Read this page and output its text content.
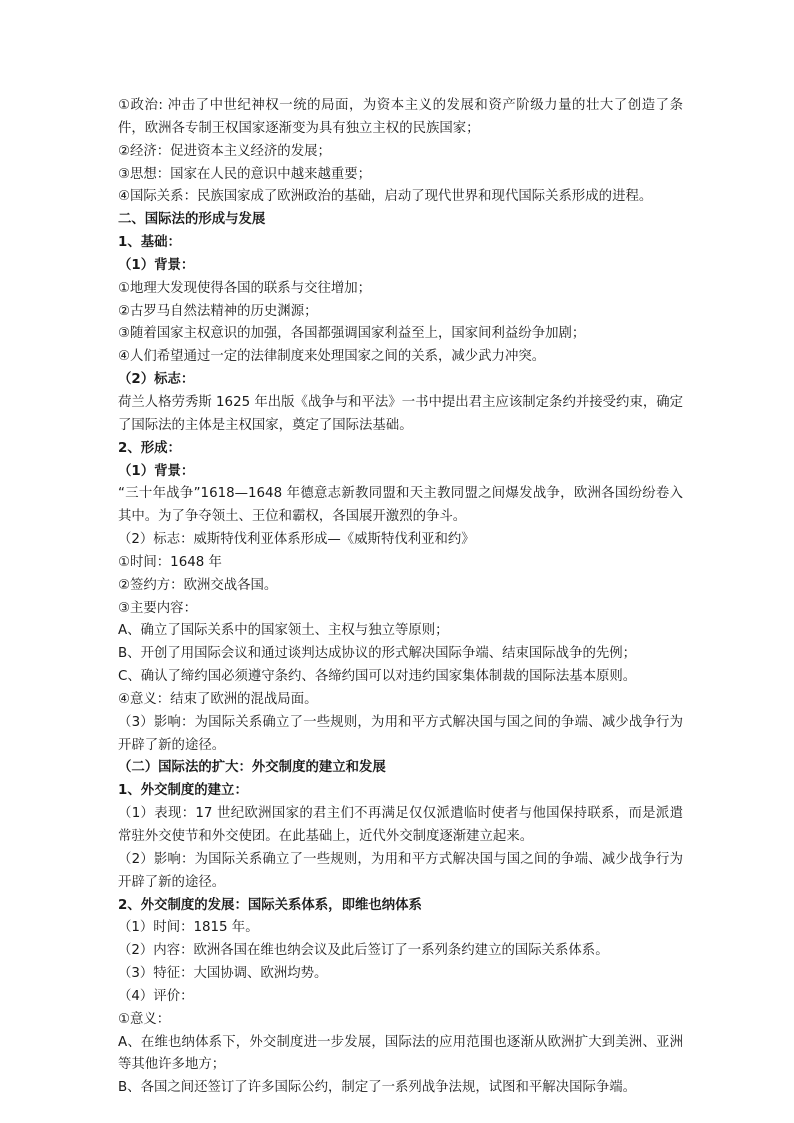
①政治: 冲击了中世纪神权一统的局面，为资本主义的发展和资产阶级力量的壮大了创造了条件，欧洲各专制王权国家逐渐变为具有独立主权的民族国家；

②经济：促进资本主义经济的发展；

③思想：国家在人民的意识中越来越重要；

④国际关系：民族国家成了欧洲政治的基础，启动了现代世界和现代国际关系形成的进程。

二、国际法的形成与发展

1、基础：

（1）背景：

①地理大发现使得各国的联系与交往增加；

②古罗马自然法精神的历史渊源；

③随着国家主权意识的加强，各国都强调国家利益至上，国家间利益纷争加剧；

④人们希望通过一定的法律制度来处理国家之间的关系，减少武力冲突。

（2）标志：

荷兰人格劳秀斯 1625 年出版《战争与和平法》一书中提出君主应该制定条约并接受约束，确定了国际法的主体是主权国家，奠定了国际法基础。

2、形成：

（1）背景：

“三十年战争”1618—1648 年德意志新教同盟和天主教同盟之间爆发战争，欧洲各国纷纷卷入其中。为了争夺领土、王位和霸权，各国展开激烈的争斗。

（2）标志：威斯特伐利亚体系形成—《威斯特伐利亚和约》

①时间：1648 年

②签约方：欧洲交战各国。

③主要内容：

A、确立了国际关系中的国家领土、主权与独立等原则；

B、开创了用国际会议和通过谈判达成协议的形式解决国际争端、结束国际战争的先例；

C、确认了缔约国必须遵守条约、各缔约国可以对违约国家集体制裁的国际法基本原则。

④意义：结束了欧洲的混战局面。

（3）影响：为国际关系确立了一些规则，为用和平方式解决国与国之间的争端、减少战争行为开辟了新的途径。

（二）国际法的扩大：外交制度的建立和发展

1、外交制度的建立：

（1）表现：17 世纪欧洲国家的君主们不再满足仅仅派遣临时使者与他国保持联系，而是派遣常驻外交使节和外交使团。在此基础上，近代外交制度逐渐建立起来。

（2）影响：为国际关系确立了一些规则，为用和平方式解决国与国之间的争端、减少战争行为开辟了新的途径。

2、外交制度的发展：国际关系体系，即维也纳体系

（1）时间：1815 年。

（2）内容：欧洲各国在维也纳会议及此后签订了一系列条约建立的国际关系体系。

（3）特征：大国协调、欧洲均势。

（4）评价：

①意义：

A、在维也纳体系下，外交制度进一步发展，国际法的应用范围也逐渐从欧洲扩大到美洲、亚洲等其他许多地方；

B、各国之间还签订了许多国际公约，制定了一系列战争法规，试图和平解决国际争端。
